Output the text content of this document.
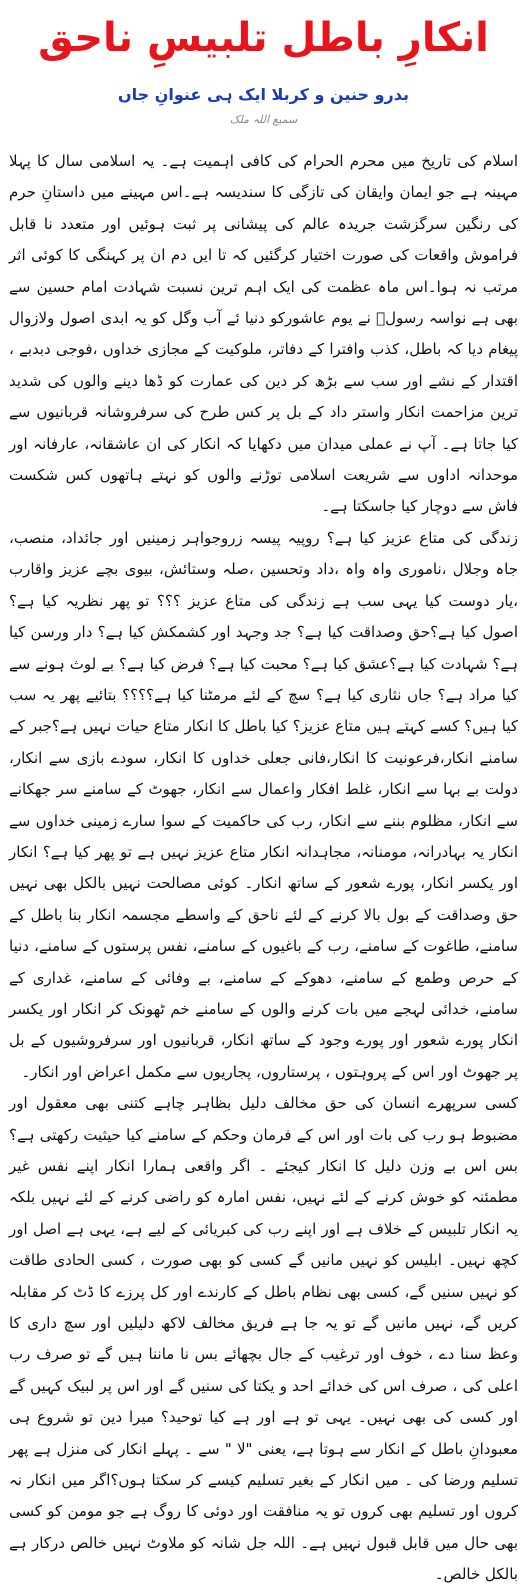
انکارِ باطل تلبیسِ ناحق
بدرو حنین و کربلا ایک ہی عنوانِ جاں
سمیع اللہ ملک

اسلام کی تاریخ میں محرم الحرام کی کافی اہمیت ہے۔ یہ اسلامی سال کا پہلا مہینہ ہے جو ایمان وایقان کی تازگی کا سندیسہ ہے۔اس مہینے میں داستانِ حرم کی رنگین سرگزشت جریدہ عالم کی پیشانی پر ثبت ہوئیں اور متعدد نا قابل فراموش واقعات کی صورت اختیار کرگئیں کہ تا ایں دم ان پر کہنگی کا کوئی اثر مرتب نہ ہوا۔اس ماہ عظمت کی ایک اہم ترین نسبت شہادت امام حسین سے بھی ہے نواسہ رسولؐ نے یوم عاشورکو دنیا ئے آب وگل کو یہ ابدی اصول ولازوال پیغام دیا کہ باطل، کذب وافترا کے دفاتر، ملوکیت کے مجازی خداوں ،فوجی دبدبے ، اقتدار کے نشے اور سب سے بڑھ کر دین کی عمارت کو ڈھا دینے والوں کی شدید ترین مزاحمت انکار واستر داد کے بل پر کس طرح کی سرفروشانہ قربانیوں سے کیا جاتا ہے۔ آپ نے عملی میدان میں دکھایا کہ انکار کی ان عاشقانہ، عارفانہ اور موحدانہ اداوں سے شریعت اسلامی توڑنے والوں کو نہتے ہاتھوں کس شکست فاش سے دوچار کیا جاسکتا ہے۔

زندگی کی متاع عزیز کیا ہے؟ روپیہ پیسہ زروجواہر زمینیں اور جائداد، منصب، جاہ وجلال ،ناموری واہ واہ ،داد وتحسین ،صلہ وستائش، بیوی بچے عزیز واقارب ،یار دوست کیا یہی سب ہے زندگی کی متاع عزیز ؟؟؟ تو پھر نظریہ کیا ہے؟ اصول کیا ہے؟حق وصداقت کیا ہے؟ جد وجہد اور کشمکش کیا ہے؟ دار ورسن کیا ہے؟ شہادت کیا ہے؟عشق کیا ہے؟ محبت کیا ہے؟ فرض کیا ہے؟ بے لوث ہونے سے کیا مراد ہے؟ جاں نثاری کیا ہے؟ سچ کے لئے مرمٹنا کیا ہے؟؟؟؟ بتائیے پھر یہ سب کیا ہیں؟ کسے کہتے ہیں متاع عزیز؟ کیا باطل کا انکار متاع حیات نہیں ہے؟جبر کے سامنے انکار،فرعونیت کا انکار،فانی جعلی خداوں کا انکار، سودے بازی سے انکار، دولت بے بہا سے انکار، غلط افکار واعمال سے انکار، جھوٹ کے سامنے سر جھکانے سے انکار، مظلوم بننے سے انکار، رب کی حاکمیت کے سوا سارے زمینی خداوں سے انکار یہ بہادرانہ، مومنانہ، مجاہدانہ انکار متاع عزیز نہیں ہے تو پھر کیا ہے؟ انکار اور یکسر انکار، پورے شعور کے ساتھ انکار۔ کوئی مصالحت نہیں بالکل بھی نہیں حق وصداقت کے بول بالا کرنے کے لئے ناحق کے واسطے مجسمہ انکار بنا باطل کے سامنے، طاغوت کے سامنے، رب کے باغیوں کے سامنے، نفس پرستوں کے سامنے، دنیا کے حرص وطمع کے سامنے، دھوکے کے سامنے، بے وفائی کے سامنے، غداری کے سامنے، خدائی لہجے میں بات کرنے والوں کے سامنے خم ٹھونک کر انکار اور یکسر انکار پورے شعور اور پورے وجود کے ساتھ انکار، قربانیوں اور سرفروشیوں کے بل پر جھوٹ اور اس کے پروہتوں ، پرستاروں، پجاریوں سے مکمل اعراض اور انکار۔

کسی سرپھرے انسان کی حق مخالف دلیل بظاہر چاہے کتنی بھی معقول اور مضبوط ہو رب کی بات اور اس کے فرمان وحکم کے سامنے کیا حیثیت رکھتی ہے؟ بس اس بے وزن دلیل کا انکار کیجئے ۔ اگر واقعی ہمارا انکار اپنے نفس غیر مطمئنہ کو خوش کرنے کے لئے نہیں، نفس امارہ کو راضی کرنے کے لئے نہیں بلکہ یہ انکار تلبیس کے خلاف ہے اور اپنے رب کی کبریائی کے لیے ہے، یہی ہے اصل اور کچھ نہیں۔ ابلیس کو نہیں مانیں گے کسی کو بھی صورت ، کسی الحادی طاقت کو نہیں سنیں گے، کسی بھی نظام باطل کے کارندے اور کل پرزے کا ڈٹ کر مقابلہ کریں گے، نہیں مانیں گے تو یہ جا ہے فریق مخالف لاکھ دلیلیں اور سچ داری کا وعظ سنا دے ، خوف اور ترغیب کے جال بچھائے بس نا ماننا ہیں گے تو صرف رب اعلی کی ، صرف اس کی خدائے احد و یکتا کی سنیں گے اور اس پر لبیک کہیں گے اور کسی کی بھی نہیں۔ یہی تو ہے اور ہے کیا توحید؟ میرا دین تو شروع ہی معبودانِ باطل کے انکار سے ہوتا ہے، یعنی "لا " سے ۔ پہلے انکار کی منزل ہے پھر تسلیم ورضا کی ۔ میں انکار کے بغیر تسلیم کیسے کر سکتا ہوں؟اگر میں انکار نہ کروں اور تسلیم بھی کروں تو یہ منافقت اور دوئی کا روگ ہے جو مومن کو کسی بھی حال میں قابل قبول نہیں ہے۔ اللہ جل شانہ کو ملاوٹ نہیں خالص درکار ہے بالکل خالص۔
